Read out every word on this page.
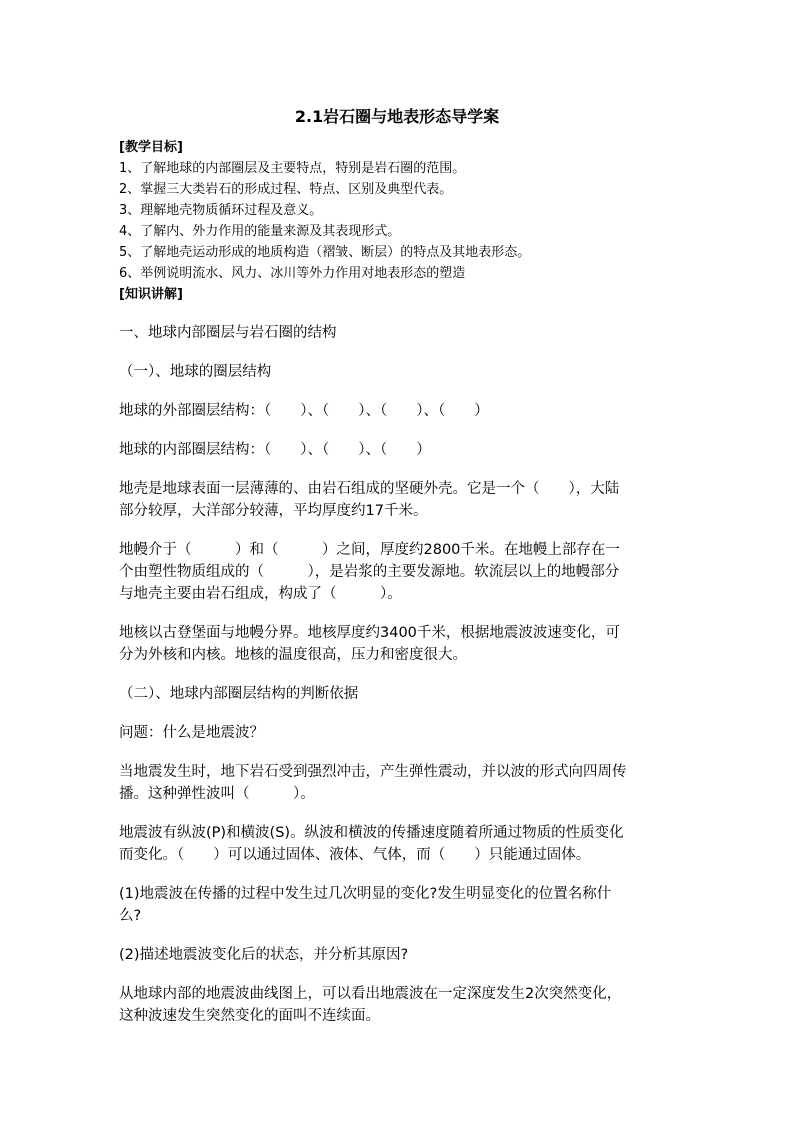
2.1岩石圈与地表形态导学案
[教学目标]
1、了解地球的内部圈层及主要特点，特别是岩石圈的范围。
2、掌握三大类岩石的形成过程、特点、区别及典型代表。
3、理解地壳物质循环过程及意义。
4、了解内、外力作用的能量来源及其表现形式。
5、了解地壳运动形成的地质构造（褶皱、断层）的特点及其地表形态。
6、举例说明流水、风力、冰川等外力作用对地表形态的塑造
[知识讲解]
一、地球内部圈层与岩石圈的结构
（一）、地球的圈层结构
地球的外部圈层结构：（　　）、（　　）、（　　）、（　　）
地球的内部圈层结构：（　　）、（　　）、（　　）
地壳是地球表面一层薄薄的、由岩石组成的坚硬外壳。它是一个（　　），大陆
部分较厚，大洋部分较薄，平均厚度约17千米。
地幔介于（　　　）和（　　　）之间，厚度约2800千米。在地幔上部存在一
个由塑性物质组成的（　　　），是岩浆的主要发源地。软流层以上的地幔部分
与地壳主要由岩石组成，构成了（　　　）。
地核以古登堡面与地幔分界。地核厚度约3400千米，根据地震波波速变化，可
分为外核和内核。地核的温度很高，压力和密度很大。
（二）、地球内部圈层结构的判断依据
问题：什么是地震波？
当地震发生时，地下岩石受到强烈冲击，产生弹性震动，并以波的形式向四周传
播。这种弹性波叫（　　　）。
地震波有纵波(P)和横波(S)。纵波和横波的传播速度随着所通过物质的性质变化
而变化。（　　）可以通过固体、液体、气体，而（　　）只能通过固体。
(1)地震波在传播的过程中发生过几次明显的变化?发生明显变化的位置名称什
么?
(2)描述地震波变化后的状态，并分析其原因?
从地球内部的地震波曲线图上，可以看出地震波在一定深度发生2次突然变化，
这种波速发生突然变化的面叫不连续面。
